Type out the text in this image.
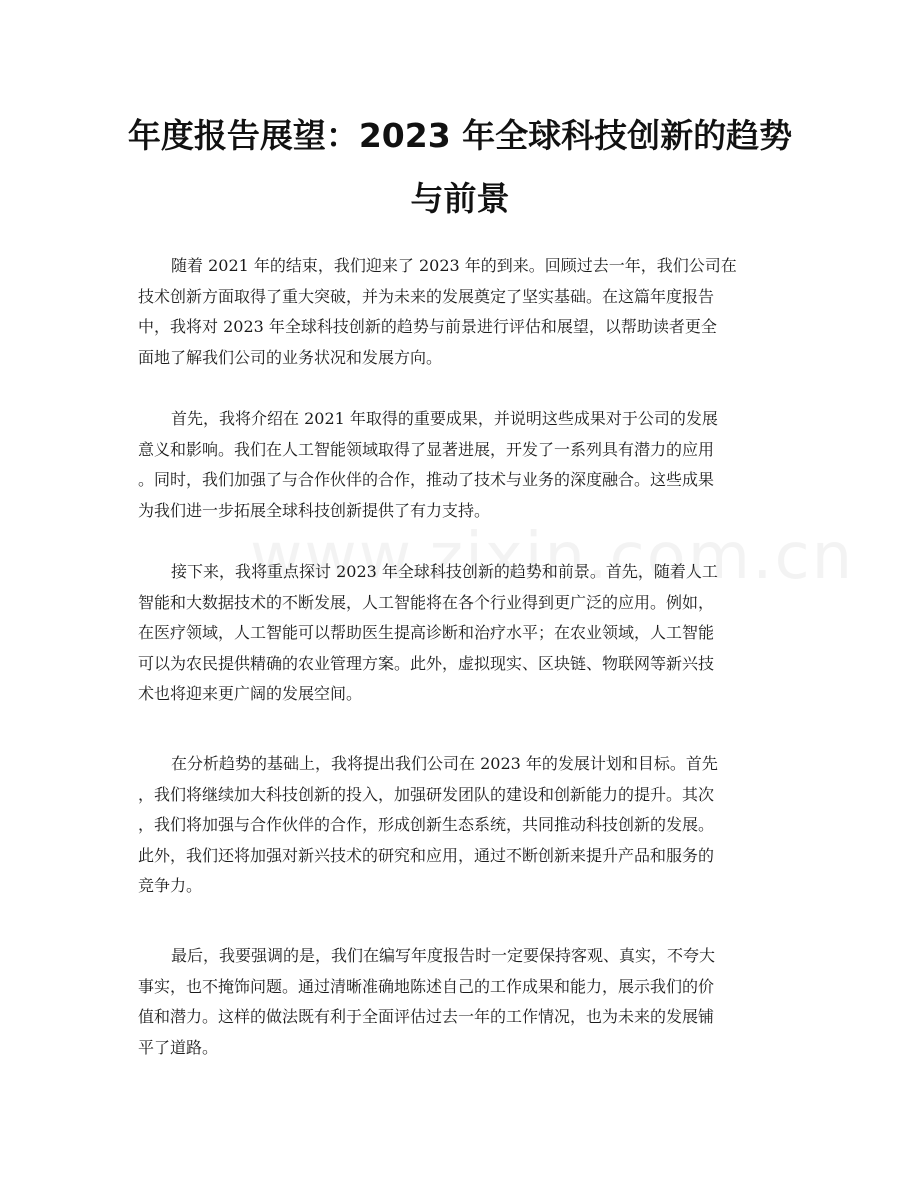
年度报告展望：2023 年全球科技创新的趋势
与前景

随着 2021 年的结束，我们迎来了 2023 年的到来。回顾过去一年，我们公司在
技术创新方面取得了重大突破，并为未来的发展奠定了坚实基础。在这篇年度报告
中，我将对 2023 年全球科技创新的趋势与前景进行评估和展望，以帮助读者更全
面地了解我们公司的业务状况和发展方向。

首先，我将介绍在 2021 年取得的重要成果，并说明这些成果对于公司的发展
意义和影响。我们在人工智能领域取得了显著进展，开发了一系列具有潜力的应用
。同时，我们加强了与合作伙伴的合作，推动了技术与业务的深度融合。这些成果
为我们进一步拓展全球科技创新提供了有力支持。

接下来，我将重点探讨 2023 年全球科技创新的趋势和前景。首先，随着人工
智能和大数据技术的不断发展，人工智能将在各个行业得到更广泛的应用。例如，
在医疗领域，人工智能可以帮助医生提高诊断和治疗水平；在农业领域，人工智能
可以为农民提供精确的农业管理方案。此外，虚拟现实、区块链、物联网等新兴技
术也将迎来更广阔的发展空间。

在分析趋势的基础上，我将提出我们公司在 2023 年的发展计划和目标。首先
，我们将继续加大科技创新的投入，加强研发团队的建设和创新能力的提升。其次
，我们将加强与合作伙伴的合作，形成创新生态系统，共同推动科技创新的发展。
此外，我们还将加强对新兴技术的研究和应用，通过不断创新来提升产品和服务的
竞争力。

最后，我要强调的是，我们在编写年度报告时一定要保持客观、真实，不夸大
事实，也不掩饰问题。通过清晰准确地陈述自己的工作成果和能力，展示我们的价
值和潜力。这样的做法既有利于全面评估过去一年的工作情况，也为未来的发展铺
平了道路。
